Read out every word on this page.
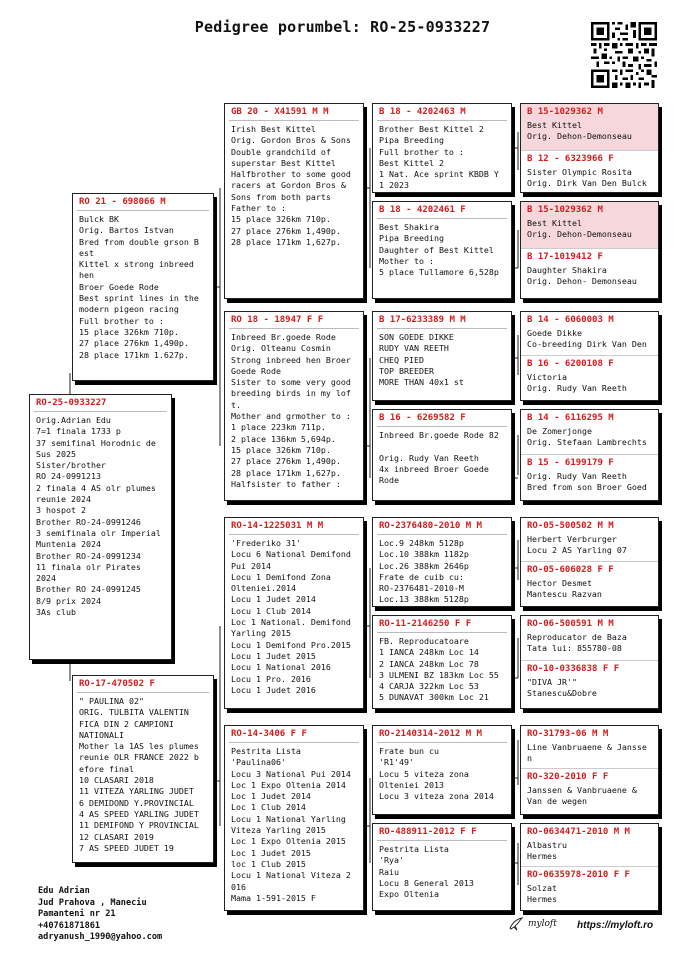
Pedigree porumbel: RO-25-0933227
RO-25-0933227
Orig.Adrian Edu
7=1 finala 1733 p
37 semifinal Horodnic de Sus 2025
Sister/brother
RO 24-0991213
2 finala 4 AS olr plumes reunie 2024
3 hospot 2
Brother RO-24-0991246
3 semifinala olr Imperial Muntenia 2024
Brother RO-24-0991234
11 finala olr Pirates 2024
Brother RO 24-0991245
8/9 prix 2024
3As club
RO 21 - 698066 M
Bulck BK
Orig. Bartos Istvan
Bred from double grson B est
Kittel x strong inbreed hen
Broer Goede Rode
Best sprint lines in the modern pigeon racing
Full brother to :
15 place 326km 710p.
27 place 276km 1,490p.
28 place 171km 1.627p.
RO-17-470502 F
" PAULINA 02"
ORIG. TULBITA VALENTIN FICA DIN 2 CAMPIONI NATIONALI
Mother la 1AS les plumes reunie OLR FRANCE 2022 b efore final
10 CLASARI 2018
11 VITEZA YARLING JUDET
6 DEMIDOND Y.PROVINCIAL
4 AS SPEED YARLING JUDET
11 DEMIFOND Y PROVINCIAL
12 CLASARI 2019
7 AS SPEED JUDET 19
GB 20 - X41591 M M
Irish Best Kittel
Orig. Gordon Bros & Sons
Double grandchild of superstar Best Kittel
Halfbrother to some good racers at Gordon Bros & Sons from both parts
Father to :
15 place 326km 710p.
27 place 276km 1,490p.
28 place 171km 1,627p.
RO 18 - 18947 F F
Inbreed Br.goede Rode
Orig. Olteanu Cosmin
Strong inbreed hen Broer Goede Rode
Sister to some very good breeding birds in my lof t.
Mother and grmother to :
1 place 223km 711p.
2 place 136km 5,694p.
15 place 326km 710p.
27 place 276km 1,490p.
28 place 171km 1,627p.
Halfsister to father :
RO-14-1225031 M M
'Frederiko 31'
Locu 6 National Demifond Pui 2014
Locu 1 Demifond Zona Olteniei.2014
Locu 1 Judet 2014
Locu 1 Club 2014
Loc 1 National. Demifond Yarling 2015
Locu 1 Demifond Pro.2015
Locu 1 Judet 2015
Locu 1 National 2016
Locu 1 Pro. 2016
Locu 1 Judet 2016
RO-14-3406 F F
Pestrita Lista
'Paulina06'
Locu 3 National Pui 2014
Loc 1 Expo Oltenia 2014
Loc 1 Judet 2014
Loc 1 Club 2014
Locu 1 National Yarling Viteza Yarling 2015
Loc 1 Expo Oltenia 2015
Loc 1 Judet 2015
loc 1 Club 2015
Locu 1 National Viteza 2 016
Mama 1-591-2015 F
B 18 - 4202463 M
Brother Best Kittel 2
Pipa Breeding
Full brother to :
Best Kittel 2
1 Nat. Ace sprint KBDB Y
1 2023
B 18 - 4202461 F
Best Shakira
Pipa Breeding
Daughter of Best Kittel
Mother to :
5 place Tullamore 6,528p
B 17-6233389 M M
SON GOEDE DIKKE
RUDY VAN REETH
CHEQ PIED
TOP BREEDER
MORE THAN 40x1 st
B 16 - 6269582 F
Inbreed Br.goede Rode 82

Orig. Rudy Van Reeth
4x inbreed Broer Goede Rode
RO-2376480-2010 M M
Loc.9 248km 5128p
Loc.10 388km 1182p
Loc.26 388km 2646p
Frate de cuib cu:
RO-2376481-2010-M
Loc.13 388km 5128p
RO-11-2146250 F F
FB. Reproducatoare
1 IANCA 248km Loc 14
2 IANCA 248km Loc 78
3 ULMENI BZ 183km Loc 55
4 CARJA 322km Loc 53
5 DUNAVAT 300km Loc 21
RO-2140314-2012 M M
Frate bun cu
'R1'49'
Locu 5 viteza zona Olteniei 2013
Locu 3 viteza zona 2014
RO-488911-2012 F F
Pestrita Lista
'Rya'
Raiu
Locu 8 General 2013
Expo Oltenia
B 15-1029362 M
Best Kittel
Orig. Dehon-Demonseau
B 12 - 6323966 F
Sister Olympic Rosita
Orig. Dirk Van Den Bulck
B 15-1029362 M
Best Kittel
Orig. Dehon-Demonseau
B 17-1019412 F
Daughter Shakira
Orig. Dehon- Demonseau
B 14 - 6060003 M
Goede Dikke
Co-breeding Dirk Van Den
B 16 - 6200108 F
Victoria
Orig. Rudy Van Reeth
B 14 - 6116295 M
De Zomerjonge
Orig. Stefaan Lambrechts
B 15 - 6199179 F
Orig. Rudy Van Reeth
Bred from son Broer Goed
RO-05-500502 M M
Herbert Verbrurger
Locu 2 AS Yarling 07
RO-05-606028 F F
Hector Desmet
Mantescu Razvan
RO-06-500591 M M
Reproducator de Baza
Tata lui: 855780-08
RO-10-0336838 F F
"DIVA JR'"
Stanescu&Dobre
RO-31793-06 M M
Line Vanbruaene & Jansse n
RO-320-2010 F F
Janssen & Vanbruaene & Van de wegen
RO-0634471-2010 M M
Albastru
Hermes
RO-0635978-2010 F F
Solzat
Hermes
Edu Adrian
Jud Prahova , Maneciu
Pamanteni nr 21
+40761871861
adryanush_1990@yahoo.com
myloft https://myloft.ro
